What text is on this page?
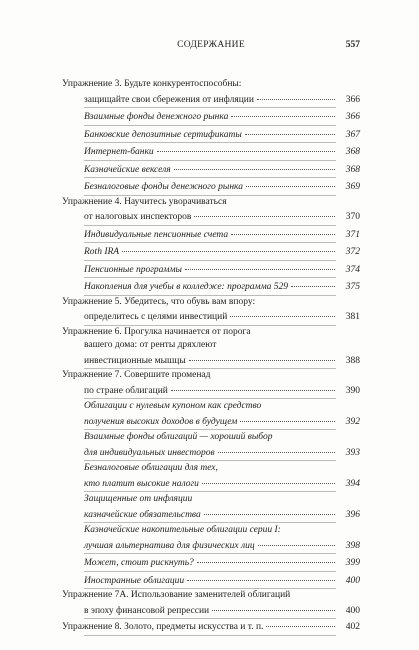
СОДЕРЖАНИЕ	557
Упражнение 3. Будьте конкурентоспособны:
защищайте свои сбережения от инфляции	366
Взаимные фонды денежного рынка	366
Банковские депозитные сертификаты	367
Интернет-банки	368
Казначейские векселя	368
Безналоговые фонды денежного рынка	369
Упражнение 4. Научитесь уворачиваться
от налоговых инспекторов	370
Индивидуальные пенсионные счета	371
Roth IRA	372
Пенсионные программы	374
Накопления для учебы в колледже: программа 529	375
Упражнение 5. Убедитесь, что обувь вам впору:
определитесь с целями инвестиций	381
Упражнение 6. Прогулка начинается от порога
вашего дома: от ренты дряхлеют
инвестиционные мышцы	388
Упражнение 7. Совершите променад
по стране облигаций	390
Облигации с нулевым купоном как средство
получения высоких доходов в будущем	392
Взаимные фонды облигаций — хороший выбор
для индивидуальных инвесторов	393
Безналоговые облигации для тех,
кто платит высокие налоги	394
Защищенные от инфляции
казначейские обязательства	396
Казначейские накопительные облигации серии I:
лучшая альтернатива для физических лиц	398
Может, стоит рискнуть?	399
Иностранные облигации	400
Упражнение 7А. Использование заменителей облигаций
в эпоху финансовой репрессии	400
Упражнение 8. Золото, предметы искусства и т. п.	402
